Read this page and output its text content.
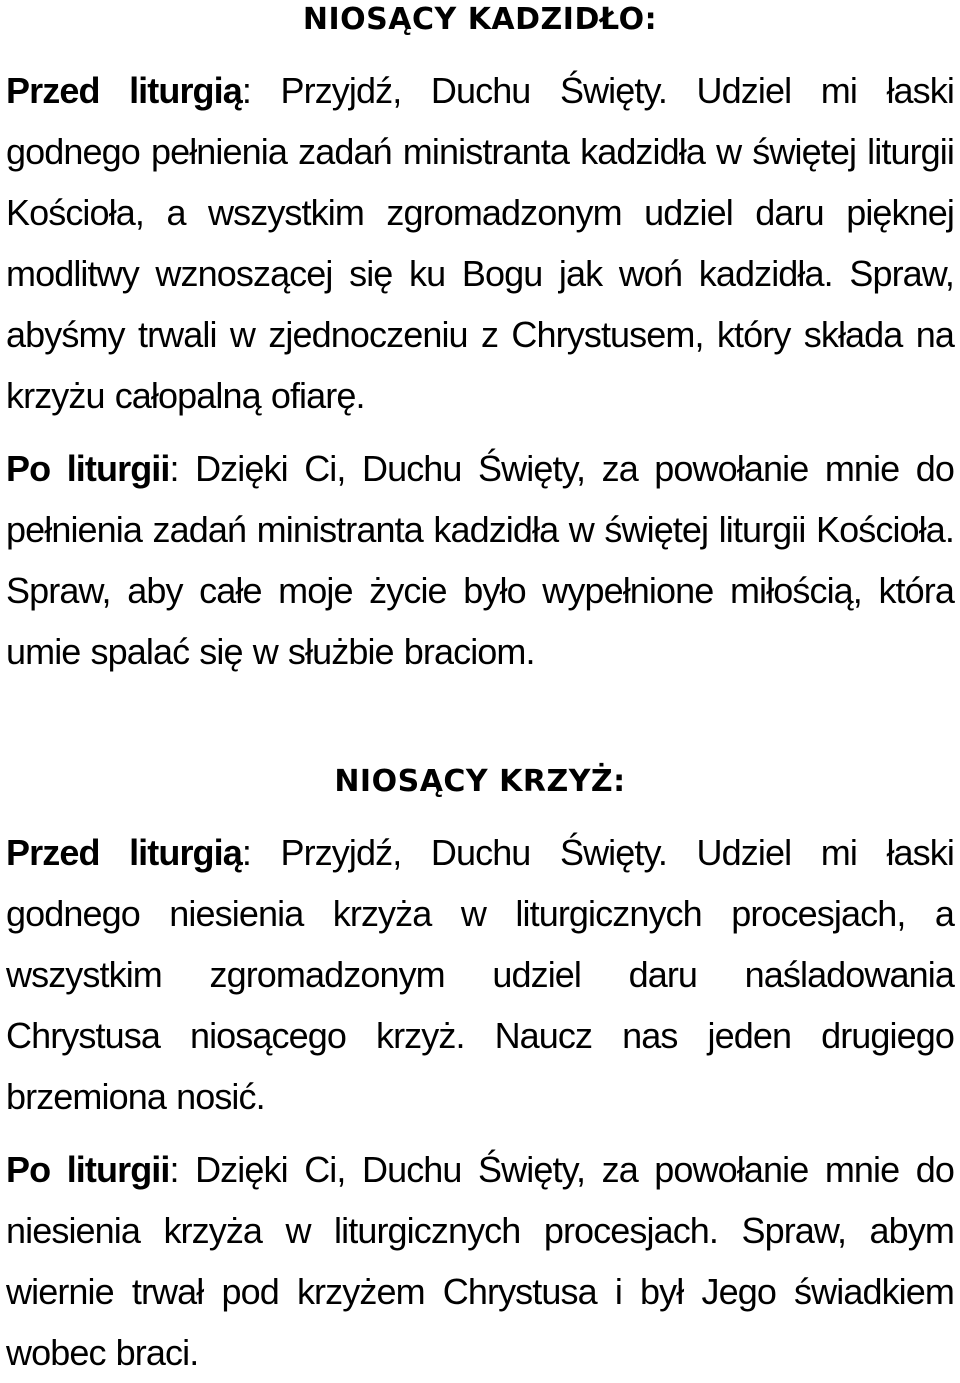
NIOSĄCY KADZIDŁO:

Przed liturgią: Przyjdź, Duchu Święty. Udziel mi łaski godnego pełnienia zadań ministranta kadzidła w świętej liturgii Kościoła, a wszystkim zgromadzonym udziel daru pięknej modlitwy wznoszącej się ku Bogu jak woń kadzidła. Spraw, abyśmy trwali w zjednoczeniu z Chrystusem, który składa na krzyżu całopalną ofiarę.

Po liturgii: Dzięki Ci, Duchu Święty, za powołanie mnie do pełnienia zadań ministranta kadzidła w świętej liturgii Kościoła. Spraw, aby całe moje życie było wypełnione miłością, która umie spalać się w służbie braciom.

NIOSĄCY KRZYŻ:

Przed liturgią: Przyjdź, Duchu Święty. Udziel mi łaski godnego niesienia krzyża w liturgicznych procesjach, a wszystkim zgromadzonym udziel daru naśladowania Chrystusa niosącego krzyż. Naucz nas jeden drugiego brzemiona nosić.

Po liturgii: Dzięki Ci, Duchu Święty, za powołanie mnie do niesienia krzyża w liturgicznych procesjach. Spraw, abym wiernie trwał pod krzyżem Chrystusa i był Jego świadkiem wobec braci.
